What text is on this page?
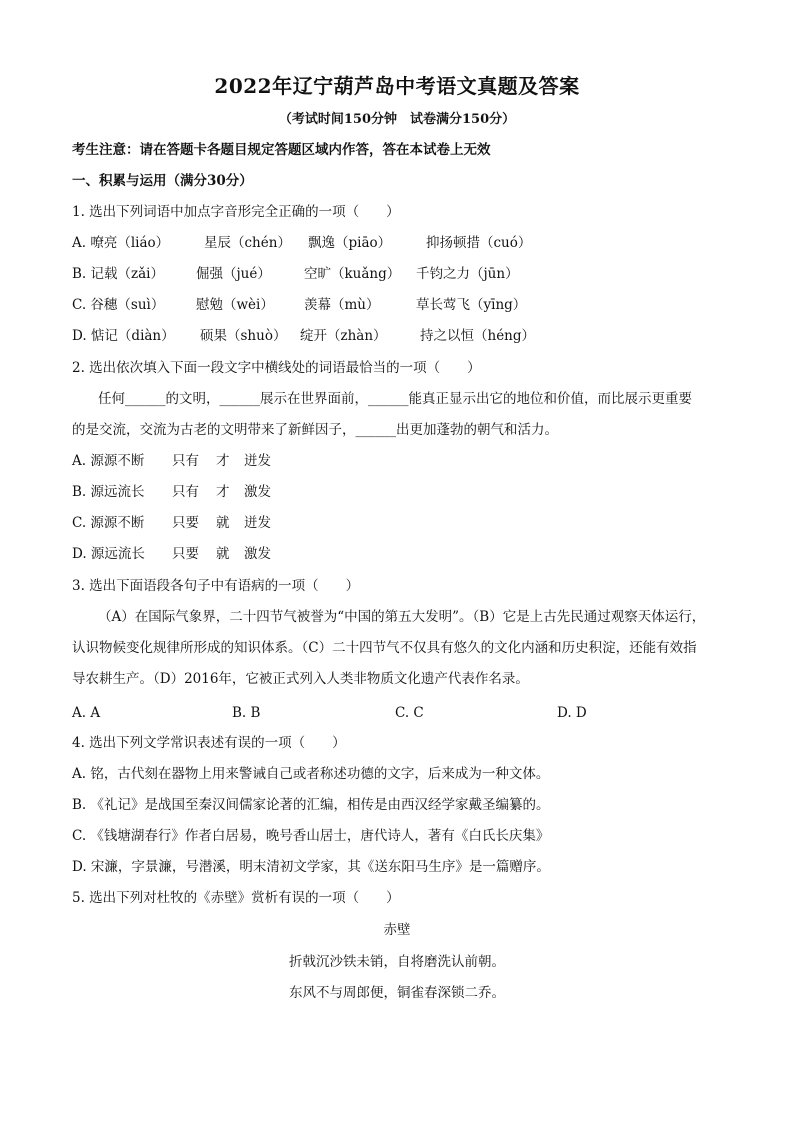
2022年辽宁葫芦岛中考语文真题及答案
（考试时间150分钟　试卷满分150分）
考生注意：请在答题卡各题目规定答题区域内作答，答在本试卷上无效
一、积累与运用（满分30分）
1. 选出下列词语中加点字音形完全正确的一项（　　）
A. 嘹亮（liáo）	星辰（chén） 飘逸（piāo）	抑扬顿措（cuó）
B. 记载（zǎi） 倔强（jué） 空旷（kuǎng） 千钧之力（jūn）
C. 谷穗（suì） 慰勉（wèi） 羡幕（mù）	草长莺飞（yīng）
D. 惦记（diàn） 硕果（shuò） 绽开（zhàn） 持之以恒（héng）
2. 选出依次填入下面一段文字中横线处的词语最恰当的一项（　　）
任何______的文明，______展示在世界面前，______能真正显示出它的地位和价值，而比展示更重要
的是交流，交流为古老的文明带来了新鲜因子，______出更加蓬勃的朝气和活力。
A. 源源不断 只有 才 迸发
B. 源远流长 只有 才 激发
C. 源源不断 只要 就 迸发
D. 源远流长 只要 就 激发
3. 选出下面语段各句子中有语病的一项（　　）
（A）在国际气象界，二十四节气被誉为“中国的第五大发明”。（B）它是上古先民通过观察天体运行，
认识物候变化规律所形成的知识体系。（C）二十四节气不仅具有悠久的文化内涵和历史积淀，还能有效指
导农耕生产。（D）2016年，它被正式列入人类非物质文化遗产代表作名录。
A. A	B. B	C. C	D. D
4. 选出下列文学常识表述有误的一项（　　）
A. 铭，古代刻在器物上用来警诫自己或者称述功德的文字，后来成为一种文体。
B. 《礼记》是战国至秦汉间儒家论著的汇编，相传是由西汉经学家戴圣编纂的。
C. 《钱塘湖春行》作者白居易，晚号香山居士，唐代诗人，著有《白氏长庆集》
D. 宋濂，字景濂，号潜溪，明末清初文学家，其《送东阳马生序》是一篇赠序。
5. 选出下列对杜牧的《赤壁》赏析有误的一项（　　）
赤壁
折戟沉沙铁未销，自将磨洗认前朝。
东风不与周郎便，铜雀春深锁二乔。
